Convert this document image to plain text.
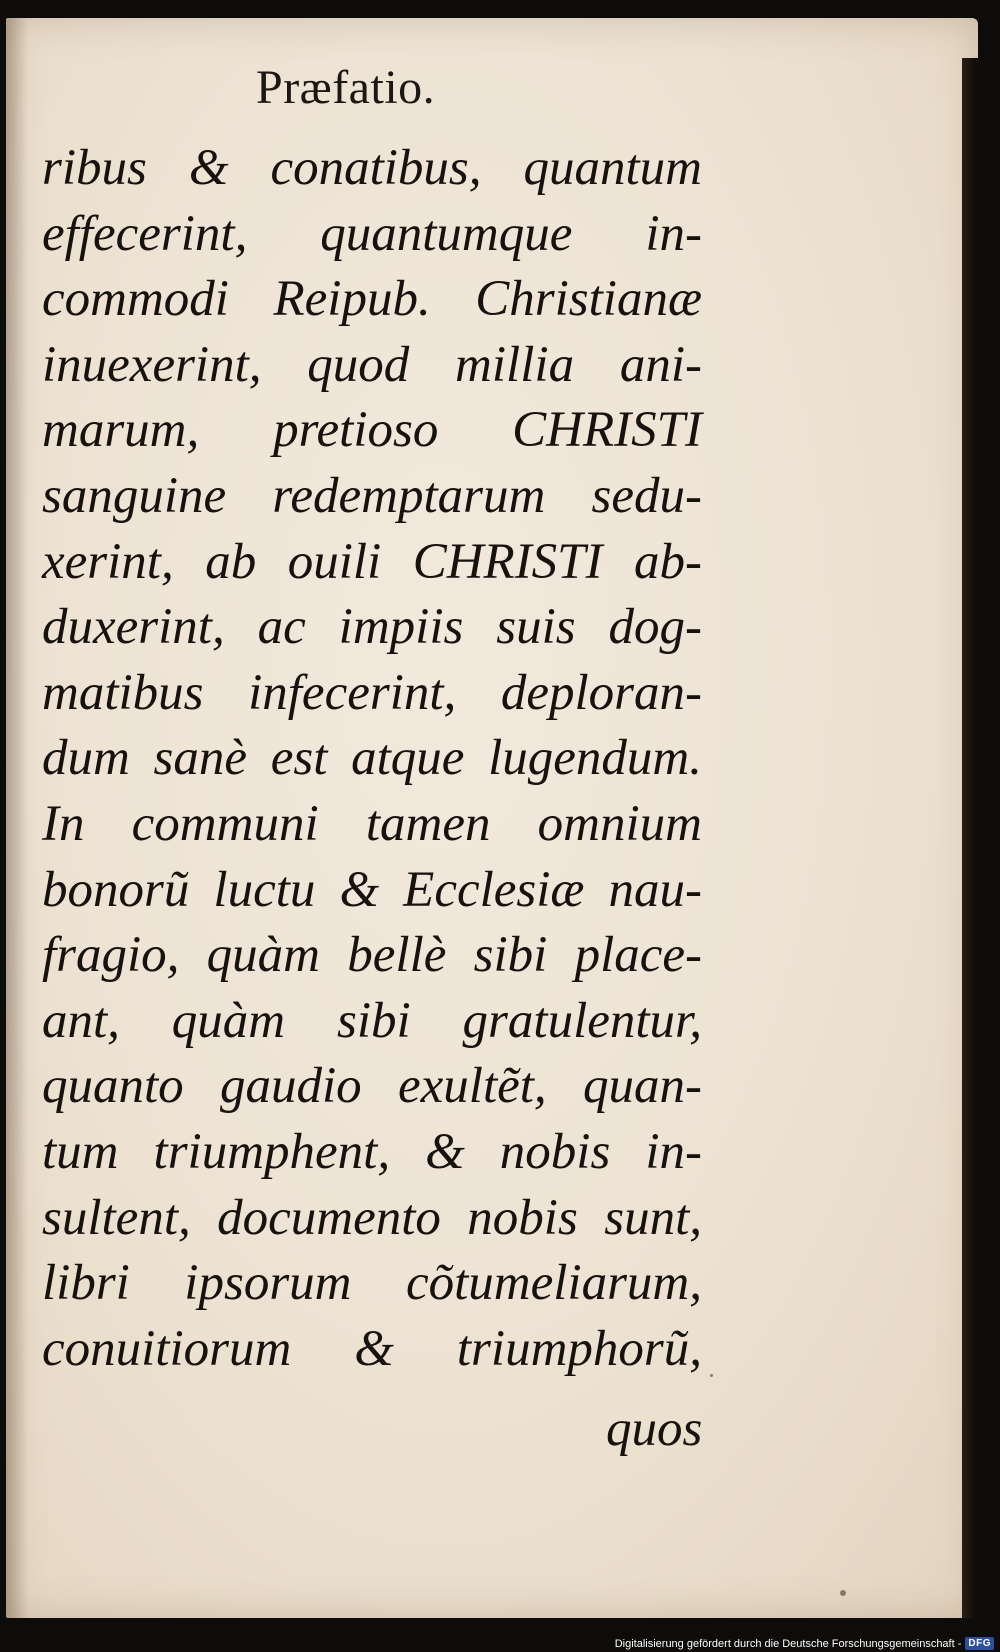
Præfatio.
ribus & conatibus, quantum
effecerint, quantumque in-
commodi Reipub. Christianæ
inuexerint, quod millia ani-
marum, pretioso CHRISTI
sanguine redemptarum sedu-
xerint, ab ouili CHRISTI ab-
duxerint, ac impiis suis dog-
matibus infecerint, deploran-
dum sanè est atque lugendum.
In communi tamen omnium
bonorũ luctu & Ecclesiæ nau-
fragio, quàm bellè sibi place-
ant, quàm sibi gratulentur,
quanto gaudio exultẽt, quan-
tum triumphent, & nobis in-
sultent, documento nobis sunt,
libri ipsorum cõtumeliarum,
conuitiorum & triumphorũ,
quos
Digitalisierung gefördert durch die Deutsche Forschungsgemeinschaft - DFG
